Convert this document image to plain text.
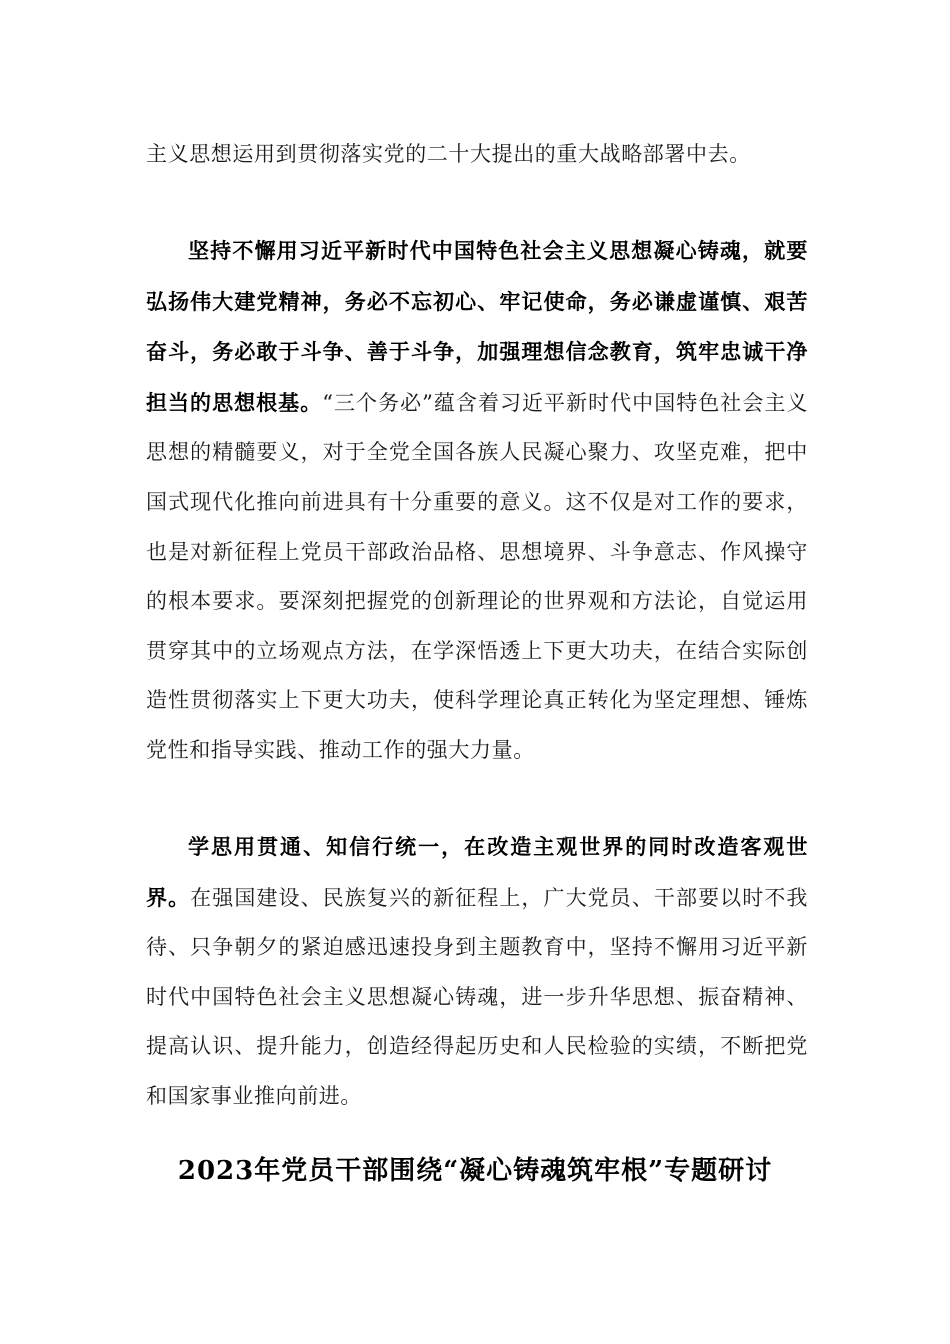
主义思想运用到贯彻落实党的二十大提出的重大战略部署中去。

坚持不懈用习近平新时代中国特色社会主义思想凝心铸魂，就要弘扬伟大建党精神，务必不忘初心、牢记使命，务必谦虚谨慎、艰苦奋斗，务必敢于斗争、善于斗争，加强理想信念教育，筑牢忠诚干净担当的思想根基。“三个务必”蕴含着习近平新时代中国特色社会主义思想的精髓要义，对于全党全国各族人民凝心聚力、攻坚克难，把中国式现代化推向前进具有十分重要的意义。这不仅是对工作的要求，也是对新征程上党员干部政治品格、思想境界、斗争意志、作风操守的根本要求。要深刻把握党的创新理论的世界观和方法论，自觉运用贯穿其中的立场观点方法，在学深悟透上下更大功夫，在结合实际创造性贯彻落实上下更大功夫，使科学理论真正转化为坚定理想、锤炼党性和指导实践、推动工作的强大力量。

学思用贯通、知信行统一，在改造主观世界的同时改造客观世界。在强国建设、民族复兴的新征程上，广大党员、干部要以时不我待、只争朝夕的紧迫感迅速投身到主题教育中，坚持不懈用习近平新时代中国特色社会主义思想凝心铸魂，进一步升华思想、振奋精神、提高认识、提升能力，创造经得起历史和人民检验的实绩，不断把党和国家事业推向前进。

2023年党员干部围绕“凝心铸魂筑牢根”专题研讨
